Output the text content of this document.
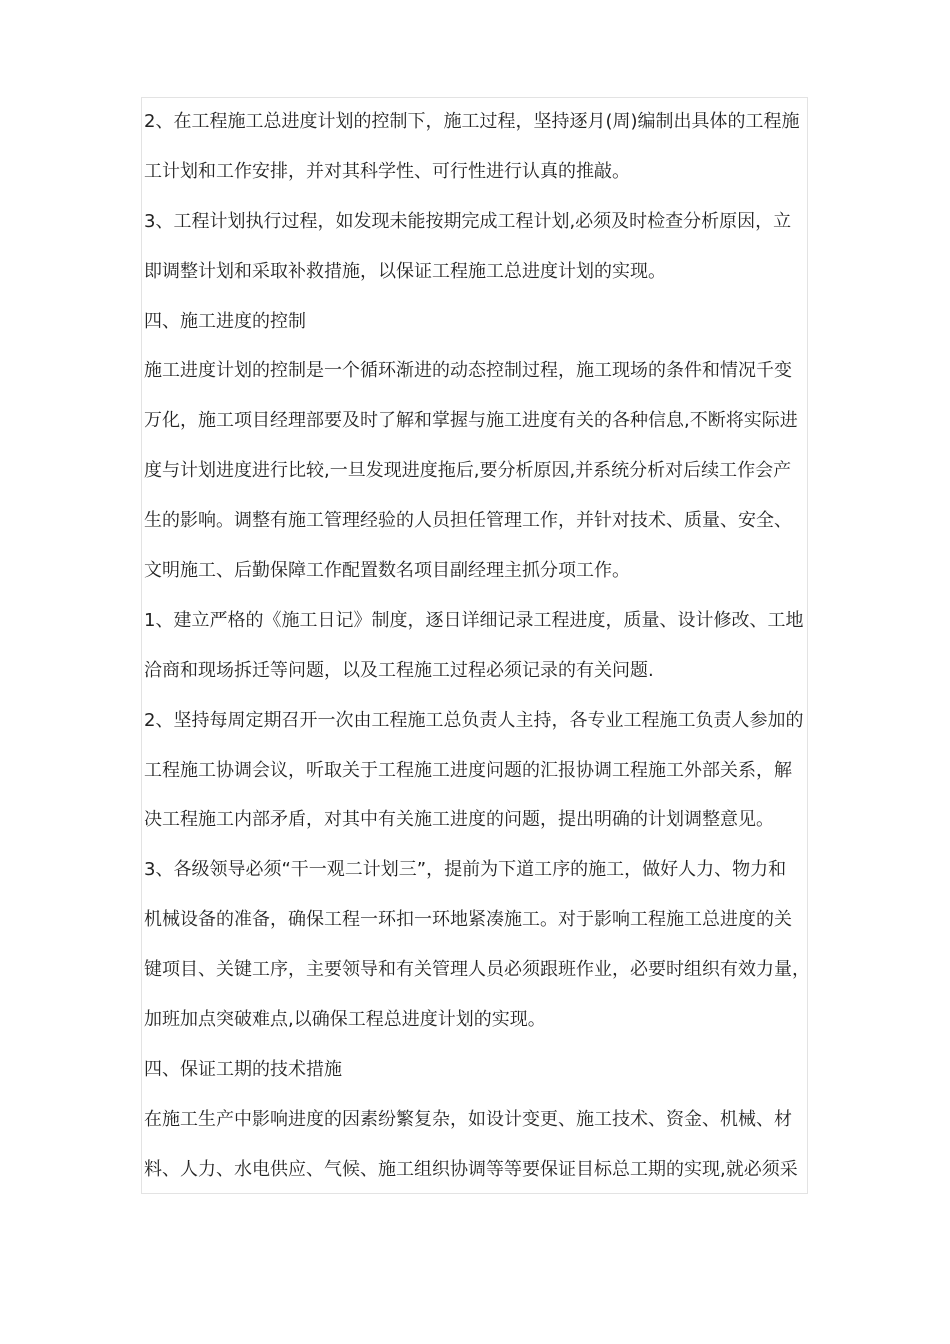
2、在工程施工总进度计划的控制下，施工过程，坚持逐月(周)编制出具体的工程施
工计划和工作安排，并对其科学性、可行性进行认真的推敲。
3、工程计划执行过程，如发现未能按期完成工程计划,必须及时检查分析原因，立
即调整计划和采取补救措施，以保证工程施工总进度计划的实现。
四、施工进度的控制
施工进度计划的控制是一个循环渐进的动态控制过程，施工现场的条件和情况千变
万化，施工项目经理部要及时了解和掌握与施工进度有关的各种信息,不断将实际进
度与计划进度进行比较,一旦发现进度拖后,要分析原因,并系统分析对后续工作会产
生的影响。调整有施工管理经验的人员担任管理工作，并针对技术、质量、安全、
文明施工、后勤保障工作配置数名项目副经理主抓分项工作。
1、建立严格的《施工日记》制度，逐日详细记录工程进度，质量、设计修改、工地
洽商和现场拆迁等问题，以及工程施工过程必须记录的有关问题.
2、坚持每周定期召开一次由工程施工总负责人主持，各专业工程施工负责人参加的
工程施工协调会议，听取关于工程施工进度问题的汇报协调工程施工外部关系，解
决工程施工内部矛盾，对其中有关施工进度的问题，提出明确的计划调整意见。
3、各级领导必须“干一观二计划三”，提前为下道工序的施工，做好人力、物力和
机械设备的准备，确保工程一环扣一环地紧凑施工。对于影响工程施工总进度的关
键项目、关键工序，主要领导和有关管理人员必须跟班作业，必要时组织有效力量，
加班加点突破难点,以确保工程总进度计划的实现。
四、保证工期的技术措施
在施工生产中影响进度的因素纷繁复杂，如设计变更、施工技术、资金、机械、材
料、人力、水电供应、气候、施工组织协调等等要保证目标总工期的实现,就必须采
